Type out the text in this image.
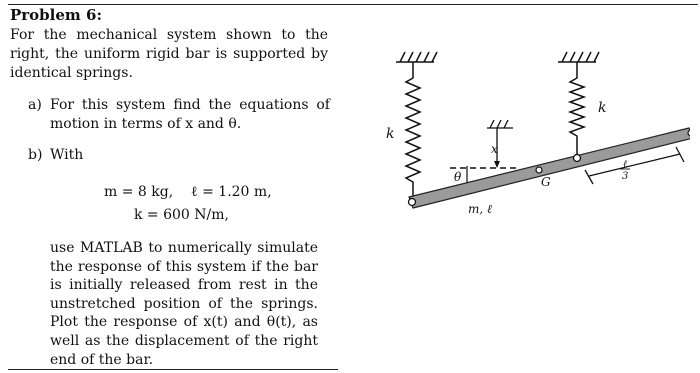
Problem 6:

For the mechanical system shown to the right, the uniform rigid bar is supported by identical springs.

a) For this system find the equations of motion in terms of x and θ.

b) With
m = 8 kg,    ℓ = 1.20 m,
k = 600 N/m,

use MATLAB to numerically simulate the response of this system if the bar is initially released from rest in the unstretched position of the springs. Plot the response of x(t) and θ(t), as well as the displacement of the right end of the bar.

k
k
x
θ
m, ℓ
G
ℓ
3
